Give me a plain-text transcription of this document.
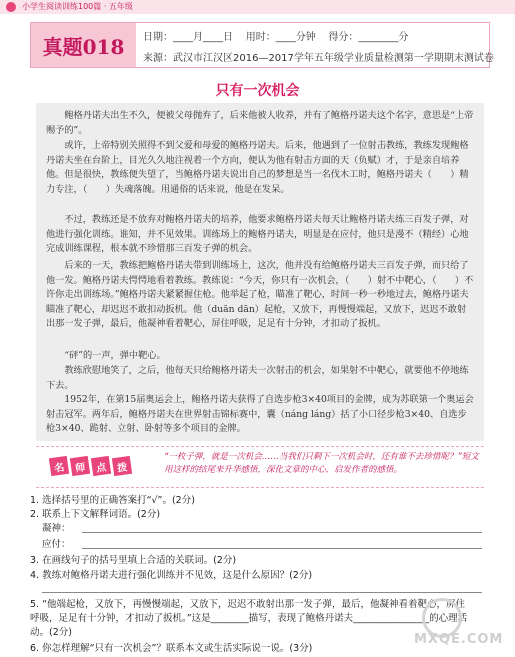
小学生阅读训练100篇 · 五年级
真题018 日期：____月____日 用时：____分钟 得分：________分
来源：武汉市江汉区2016—2017学年五年级学业质量检测第一学期期末测试卷
只有一次机会
　　鲍格丹诺夫出生不久，便被父母抛弃了，后来他被人收养，并有了鲍格丹诺夫这个名字，意思是“上帝赐予的”。
　　或许，上帝特别关照得不到父爱和母爱的鲍格丹诺夫。后来，他遇到了一位射击教练，教练发现鲍格丹诺夫坐在台阶上，目光久久地注视着一个方向，便认为他有射击方面的天（负赋）才，于是亲自培养他。但是很快，教练便失望了，当鲍格丹诺夫说出自己的梦想是当一名伐木工时，鲍格丹诺夫（　　）精力专注，（　　）失魂落魄。用通俗的话来说，他是在发呆。
　　不过，教练还是不放弃对鲍格丹诺夫的培养，他要求鲍格丹诺夫每天让鲍格丹诺夫练三百发子弹，对他进行强化训练。谁知，并不见效果。训练场上的鲍格丹诺夫，明显是在应付，他只是漫不（精经）心地完成训练课程，根本就不珍惜那三百发子弹的机会。
　　后来的一天，教练把鲍格丹诺夫带到训练场上，这次，他并没有给鲍格丹诺夫三百发子弹，而只给了他一发。鲍格丹诺夫愕愕地看着教练。教练说：“今天，你只有一次机会，（　　）射不中靶心，（　　）不许你走出训练场。”鲍格丹诺夫紧紧握住枪。他举起了枪，瞄准了靶心，时间一秒一秒地过去，鲍格丹诺夫瞄准了靶心，却迟迟不敢扣动扳机。他（duān dān）起枪，又放下，再慢慢端起，又放下，迟迟不敢射出那一发子弹，最后，他凝神看着靶心，屏住呼吸，足足有十分钟，才扣动了扳机。
　　“砰”的一声，弹中靶心。
　　教练欣慰地笑了，之后，他每天只给鲍格丹诺夫一次射击的机会，如果射不中靶心，就要他不停地练下去。
　　1952年，在第15届奥运会上，鲍格丹诺夫获得了自选步枪3×40项目的金牌，成为苏联第一个奥运会射击冠军。两年后，鲍格丹诺夫在世界射击锦标赛中，囊（náng láng）括了小口径步枪3×40、自选步枪3×40、跪射、立射、卧射等多个项目的金牌。
名 师 点 拨
“一枚子弹，就是一次机会……当我们只剩下一次机会时，还有谁不去珍惜呢？”短文用这样的结尾来升华感悟，深化文章的中心，启发作者的感悟。
1. 选择括号里的正确答案打“√”。(2分)
2. 联系上下文解释词语。(2分)
凝神：
应付：
3. 在画线句子的括号里填上合适的关联词。(2分)
4. 教练对鲍格丹诺夫进行强化训练并不见效，这是什么原因？(2分)
5. “他端起枪，又放下，再慢慢端起，又放下，迟迟不敢射出那一发子弹，最后，他凝神看着靶心，屏住呼吸，足足有十分钟，才扣动了扳机。”这是________描写，表现了鲍格丹诺夫________________的心理活动。(2分)
6. 你怎样理解“只有一次机会”？联系本文或生活实际说一说。(3分)
MXQE.COM
